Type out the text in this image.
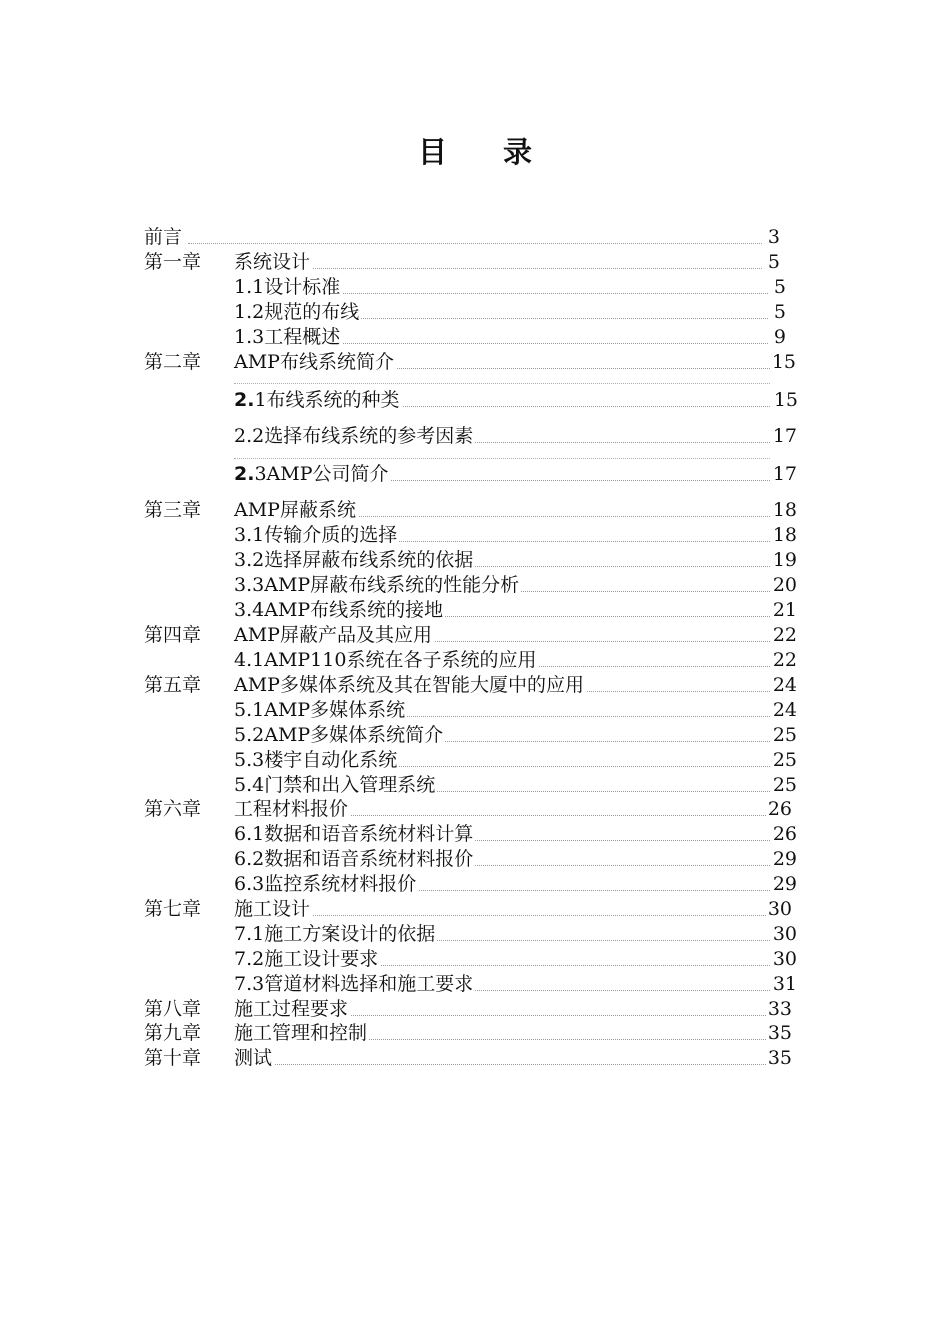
目 录
前言	3
第一章 系统设计	5
1.1设计标准	5
1.2规范的布线	5
1.3工程概述	9
第二章 AMP布线系统简介	15
2.1布线系统的种类	15
2.2选择布线系统的参考因素	17
2.3AMP公司简介	17
第三章 AMP屏蔽系统	18
3.1传输介质的选择	18
3.2选择屏蔽布线系统的依据	19
3.3AMP屏蔽布线系统的性能分析	20
3.4AMP布线系统的接地	21
第四章 AMP屏蔽产品及其应用	22
4.1AMP110系统在各子系统的应用	22
第五章 AMP多媒体系统及其在智能大厦中的应用	24
5.1AMP多媒体系统	24
5.2AMP多媒体系统简介	25
5.3楼宇自动化系统	25
5.4门禁和出入管理系统	25
第六章 工程材料报价	26
6.1数据和语音系统材料计算	26
6.2数据和语音系统材料报价	29
6.3监控系统材料报价	29
第七章 施工设计	30
7.1施工方案设计的依据	30
7.2施工设计要求	30
7.3管道材料选择和施工要求	31
第八章 施工过程要求	33
第九章 施工管理和控制	35
第十章 测试	35
